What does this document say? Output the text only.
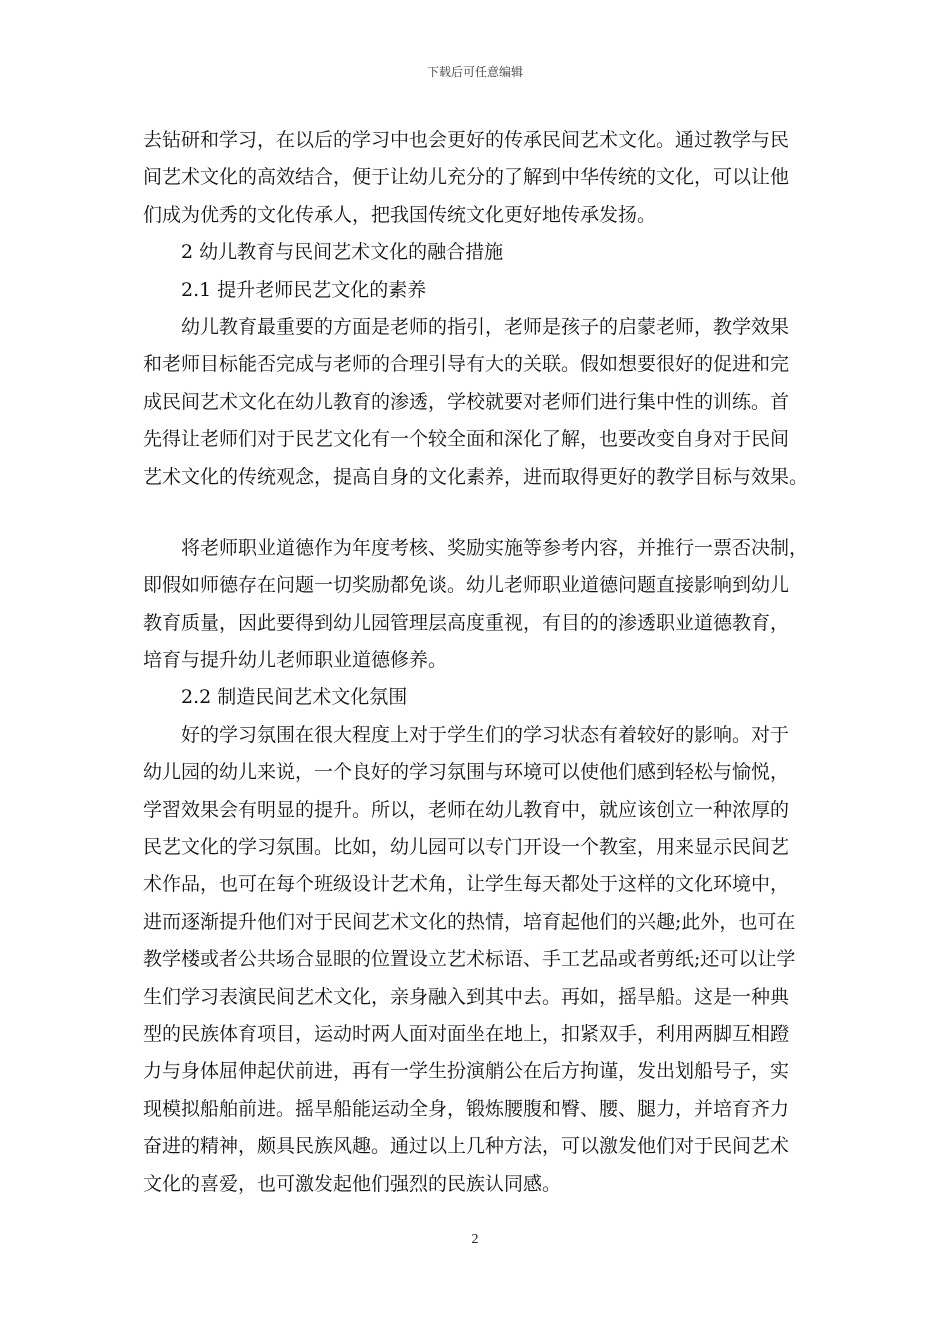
下载后可任意编辑
去钻研和学习，在以后的学习中也会更好的传承民间艺术文化。通过教学与民
间艺术文化的高效结合，便于让幼儿充分的了解到中华传统的文化，可以让他
们成为优秀的文化传承人，把我国传统文化更好地传承发扬。
2 幼儿教育与民间艺术文化的融合措施
2.1 提升老师民艺文化的素养
幼儿教育最重要的方面是老师的指引，老师是孩子的启蒙老师，教学效果
和老师目标能否完成与老师的合理引导有大的关联。假如想要很好的促进和完
成民间艺术文化在幼儿教育的渗透，学校就要对老师们进行集中性的训练。首
先得让老师们对于民艺文化有一个较全面和深化了解，也要改变自身对于民间
艺术文化的传统观念，提高自身的文化素养，进而取得更好的教学目标与效果。
将老师职业道德作为年度考核、奖励实施等参考内容，并推行一票否决制，
即假如师德存在问题一切奖励都免谈。幼儿老师职业道德问题直接影响到幼儿
教育质量，因此要得到幼儿园管理层高度重视，有目的的渗透职业道德教育，
培育与提升幼儿老师职业道德修养。
2.2 制造民间艺术文化氛围
好的学习氛围在很大程度上对于学生们的学习状态有着较好的影响。对于
幼儿园的幼儿来说，一个良好的学习氛围与环境可以使他们感到轻松与愉悦，
学習效果会有明显的提升。所以，老师在幼儿教育中，就应该创立一种浓厚的
民艺文化的学习氛围。比如，幼儿园可以专门开设一个教室，用来显示民间艺
术作品，也可在每个班级设计艺术角，让学生每天都处于这样的文化环境中，
进而逐渐提升他们对于民间艺术文化的热情，培育起他们的兴趣;此外，也可在
教学楼或者公共场合显眼的位置设立艺术标语、手工艺品或者剪纸;还可以让学
生们学习表演民间艺术文化，亲身融入到其中去。再如，摇旱船。这是一种典
型的民族体育项目，运动时两人面对面坐在地上，扣紧双手，利用两脚互相蹬
力与身体屈伸起伏前进，再有一学生扮演艄公在后方拘谨，发出划船号子，实
现模拟船舶前进。摇旱船能运动全身，锻炼腰腹和臀、腰、腿力，并培育齐力
奋进的精神，颇具民族风趣。通过以上几种方法，可以激发他们对于民间艺术
文化的喜爱，也可激发起他们强烈的民族认同感。
2
